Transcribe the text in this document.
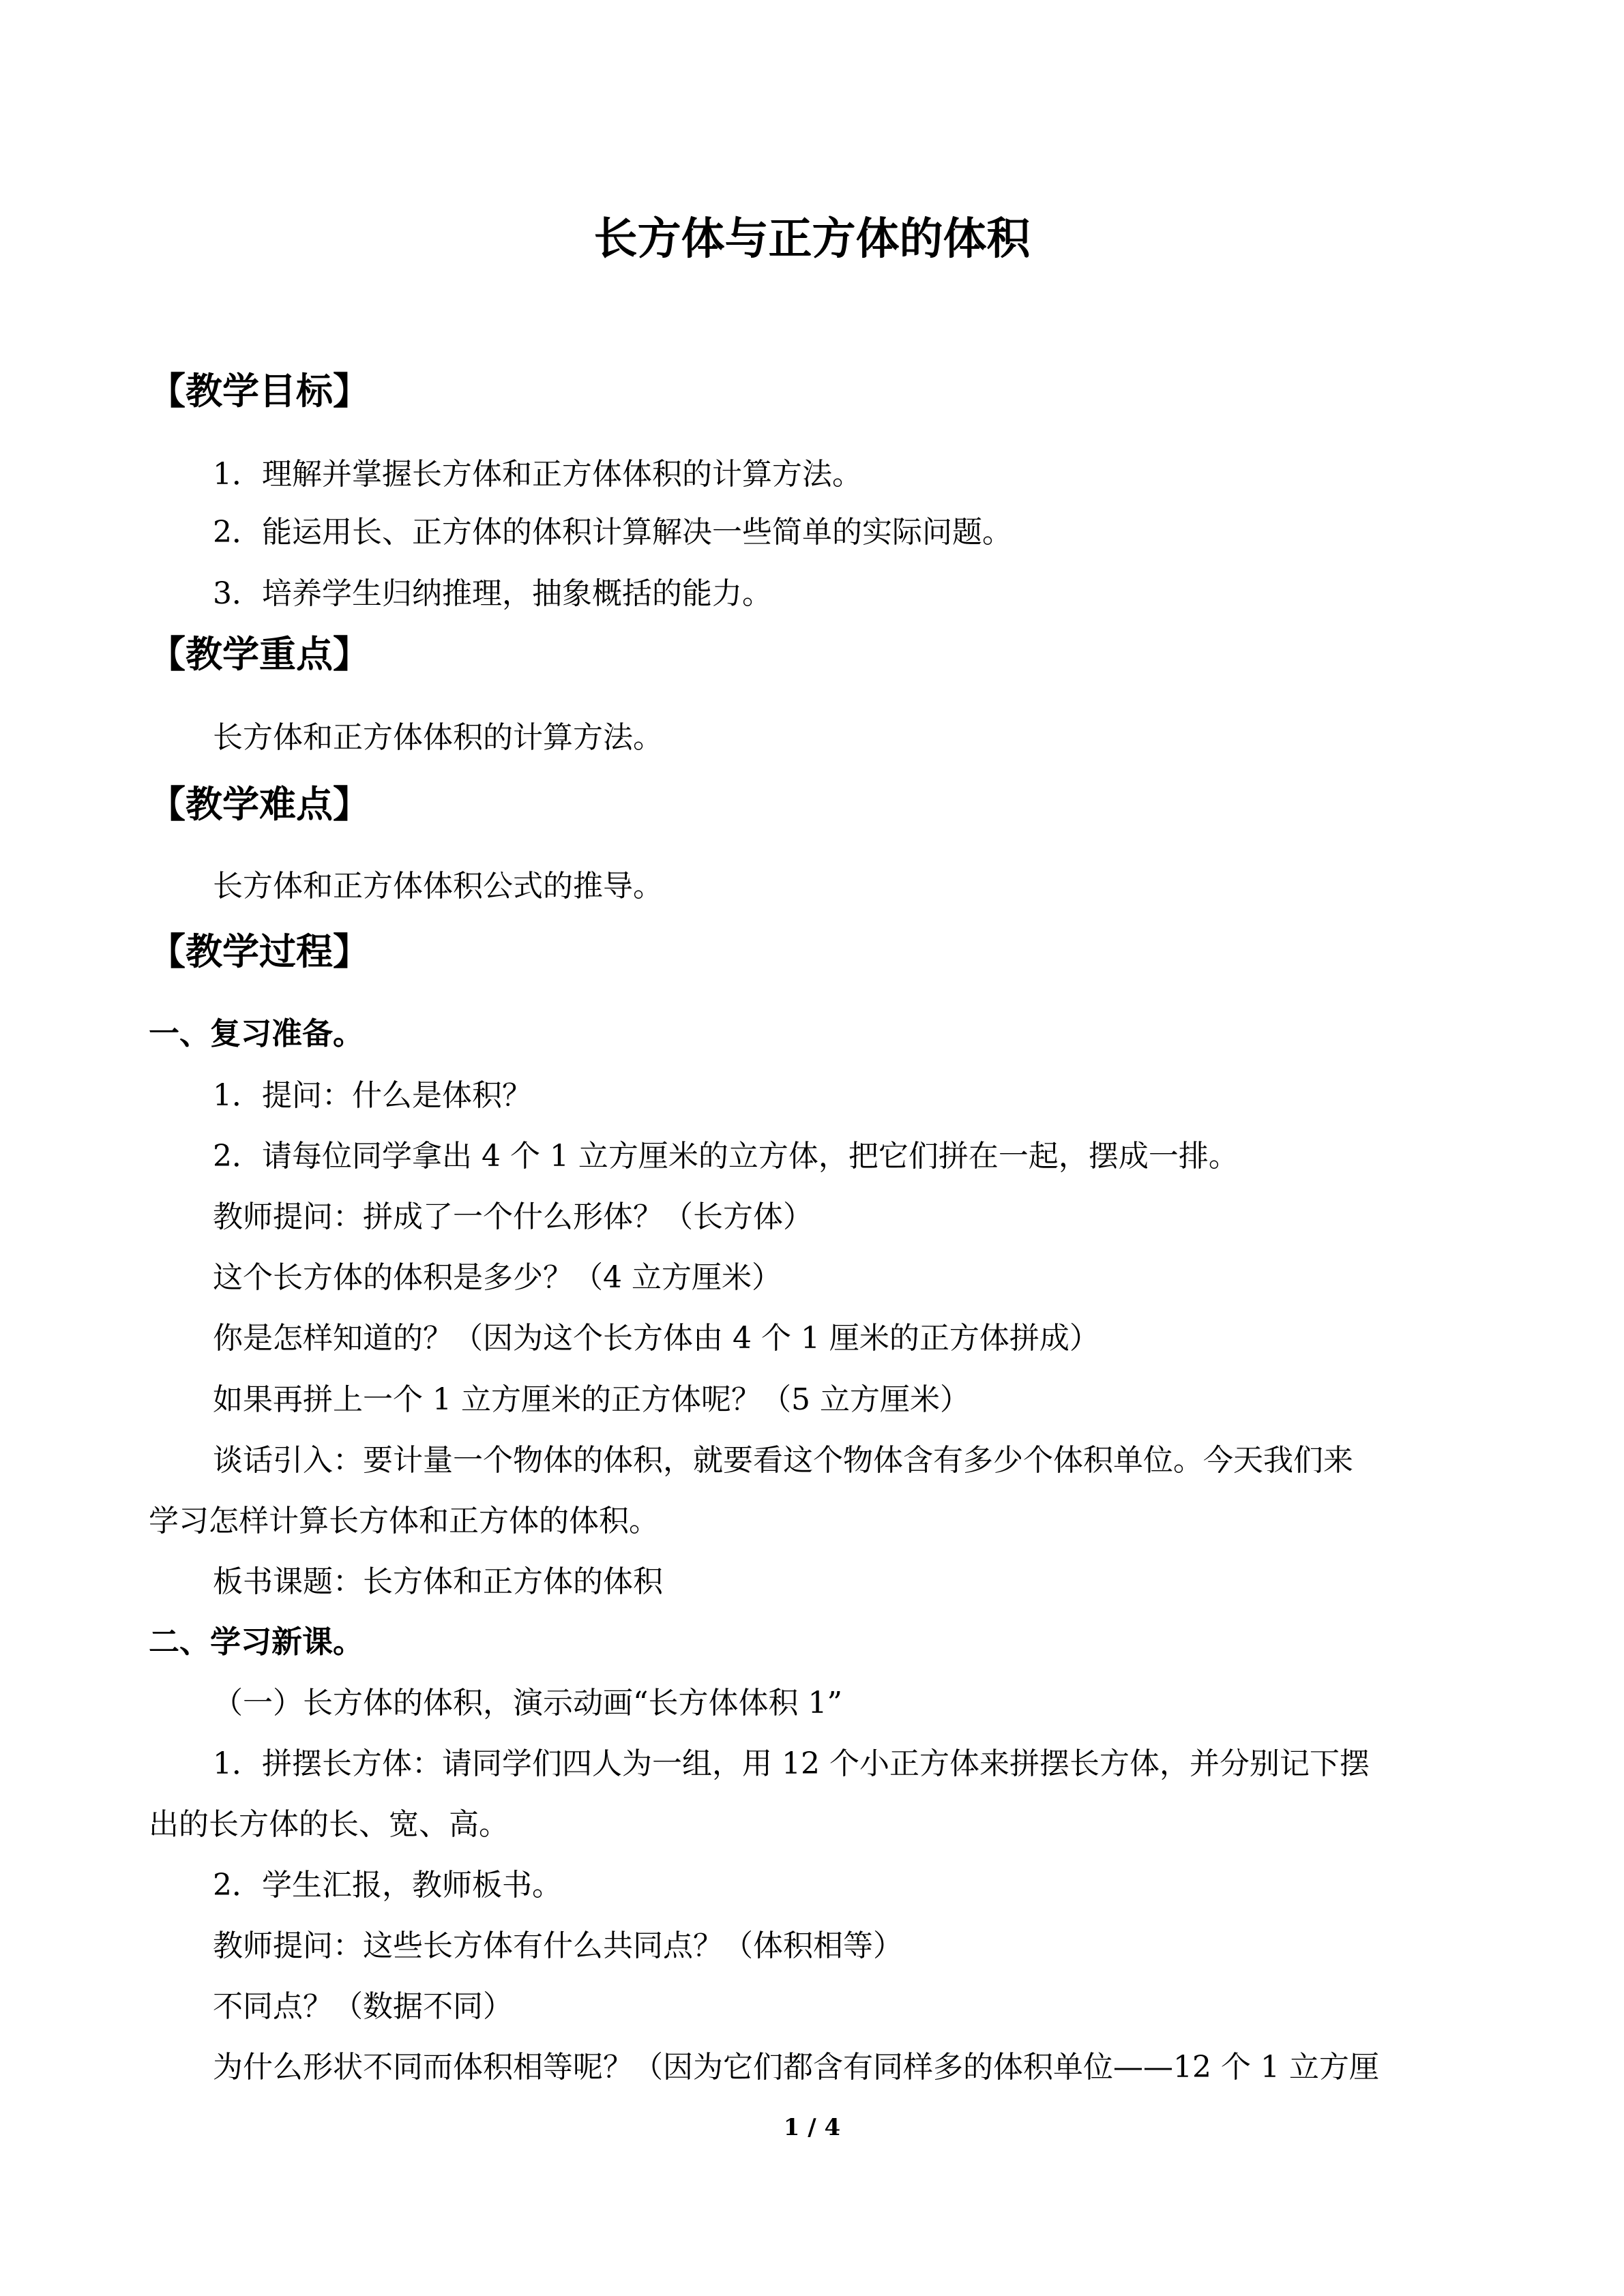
长方体与正方体的体积
【教学目标】
1．理解并掌握长方体和正方体体积的计算方法。
2．能运用长、正方体的体积计算解决一些简单的实际问题。
3．培养学生归纳推理，抽象概括的能力。
【教学重点】
长方体和正方体体积的计算方法。
【教学难点】
长方体和正方体体积公式的推导。
【教学过程】
一、复习准备。
1．提问：什么是体积？
2．请每位同学拿出 4 个 1 立方厘米的立方体，把它们拼在一起，摆成一排。
教师提问：拼成了一个什么形体？（长方体）
这个长方体的体积是多少？（4 立方厘米）
你是怎样知道的？（因为这个长方体由 4 个 1 厘米的正方体拼成）
如果再拼上一个 1 立方厘米的正方体呢？（5 立方厘米）
谈话引入：要计量一个物体的体积，就要看这个物体含有多少个体积单位。今天我们来
学习怎样计算长方体和正方体的体积。
板书课题：长方体和正方体的体积
二、学习新课。
（一）长方体的体积，演示动画“长方体体积 1”
1．拼摆长方体：请同学们四人为一组，用 12 个小正方体来拼摆长方体，并分别记下摆
出的长方体的长、宽、高。
2．学生汇报，教师板书。
教师提问：这些长方体有什么共同点？（体积相等）
不同点？（数据不同）
为什么形状不同而体积相等呢？（因为它们都含有同样多的体积单位——12 个 1 立方厘
1 / 4
